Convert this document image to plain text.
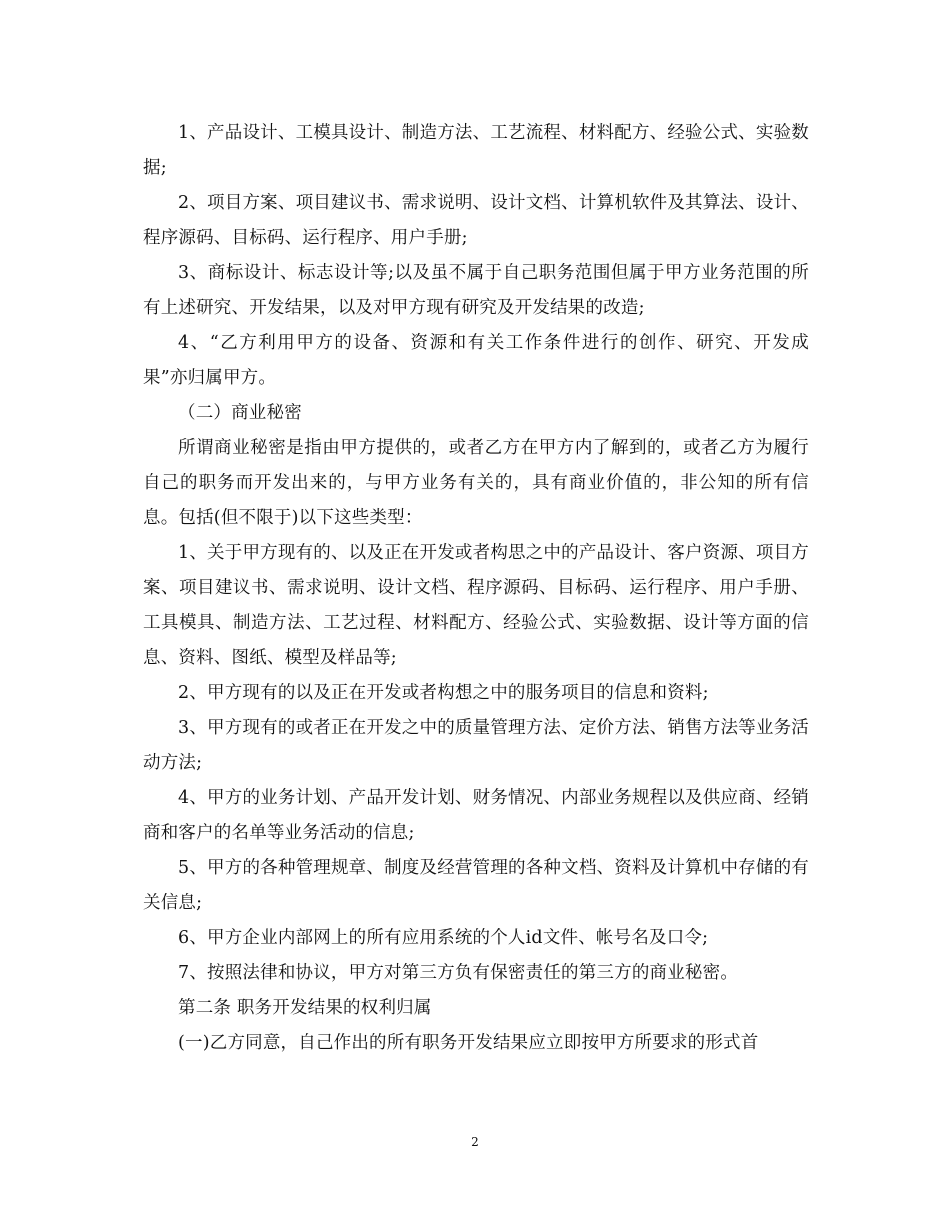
1、产品设计、工模具设计、制造方法、工艺流程、材料配方、经验公式、实验数据;

2、项目方案、项目建议书、需求说明、设计文档、计算机软件及其算法、设计、程序源码、目标码、运行程序、用户手册;

3、商标设计、标志设计等;以及虽不属于自己职务范围但属于甲方业务范围的所有上述研究、开发结果，以及对甲方现有研究及开发结果的改造;

4、“乙方利用甲方的设备、资源和有关工作条件进行的创作、研究、开发成果”亦归属甲方。

（二）商业秘密

所谓商业秘密是指由甲方提供的，或者乙方在甲方内了解到的，或者乙方为履行自己的职务而开发出来的，与甲方业务有关的，具有商业价值的，非公知的所有信息。包括(但不限于)以下这些类型：

1、关于甲方现有的、以及正在开发或者构思之中的产品设计、客户资源、项目方案、项目建议书、需求说明、设计文档、程序源码、目标码、运行程序、用户手册、工具模具、制造方法、工艺过程、材料配方、经验公式、实验数据、设计等方面的信息、资料、图纸、模型及样品等;

2、甲方现有的以及正在开发或者构想之中的服务项目的信息和资料;

3、甲方现有的或者正在开发之中的质量管理方法、定价方法、销售方法等业务活动方法;

4、甲方的业务计划、产品开发计划、财务情况、内部业务规程以及供应商、经销商和客户的名单等业务活动的信息;

5、甲方的各种管理规章、制度及经营管理的各种文档、资料及计算机中存储的有关信息;

6、甲方企业内部网上的所有应用系统的个人id文件、帐号名及口令;

7、按照法律和协议，甲方对第三方负有保密责任的第三方的商业秘密。

第二条 职务开发结果的权利归属

(一)乙方同意，自己作出的所有职务开发结果应立即按甲方所要求的形式首

2
